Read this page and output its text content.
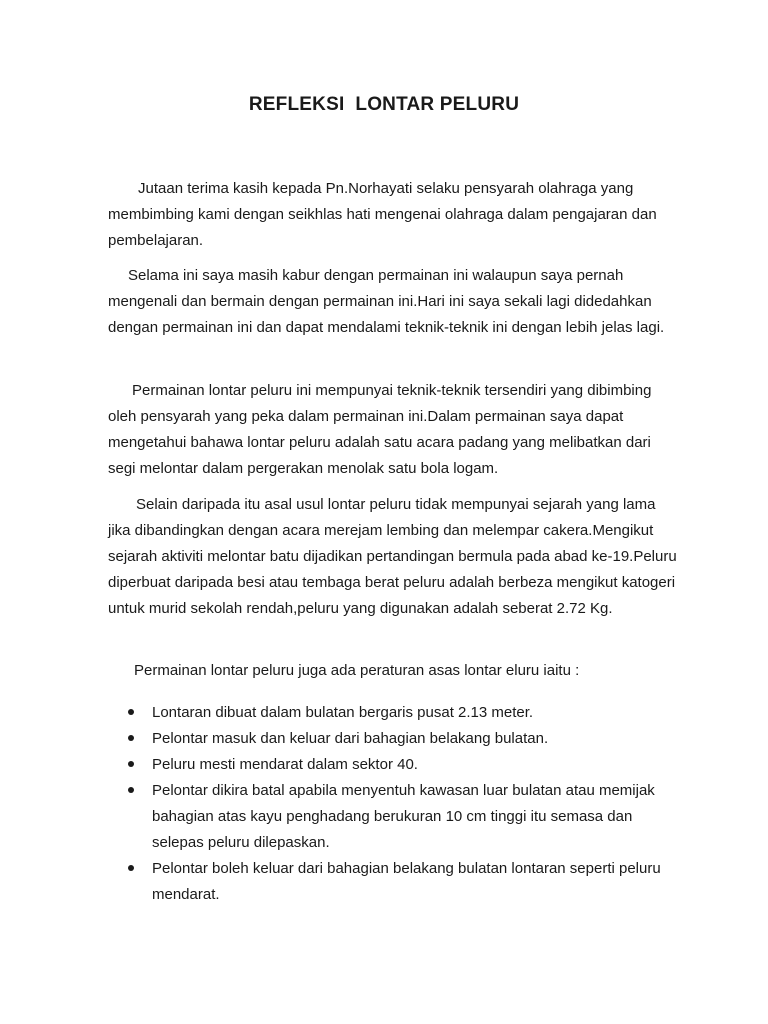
REFLEKSI  LONTAR PELURU

Jutaan terima kasih kepada Pn.Norhayati selaku pensyarah olahraga yang membimbing kami dengan seikhlas hati mengenai olahraga dalam pengajaran dan pembelajaran.

Selama ini saya masih kabur dengan permainan ini walaupun saya pernah mengenali dan bermain dengan permainan ini.Hari ini saya sekali lagi didedahkan dengan permainan ini dan dapat mendalami teknik-teknik ini dengan lebih jelas lagi.

Permainan lontar peluru ini mempunyai teknik-teknik tersendiri yang dibimbing oleh pensyarah yang peka dalam permainan ini.Dalam permainan saya dapat mengetahui bahawa lontar peluru adalah satu acara padang yang melibatkan dari segi melontar dalam pergerakan menolak satu bola logam.

Selain daripada itu asal usul lontar peluru tidak mempunyai sejarah yang lama jika dibandingkan dengan acara merejam lembing dan melempar cakera.Mengikut sejarah aktiviti melontar batu dijadikan pertandingan bermula pada abad ke-19.Peluru diperbuat daripada besi atau tembaga berat peluru adalah berbeza mengikut katogeri untuk murid sekolah rendah,peluru yang digunakan adalah seberat 2.72 Kg.

Permainan lontar peluru juga ada peraturan asas lontar eluru iaitu :

Lontaran dibuat dalam bulatan bergaris pusat 2.13 meter.
Pelontar masuk dan keluar dari bahagian belakang bulatan.
Peluru mesti mendarat dalam sektor 40.
Pelontar dikira batal apabila menyentuh kawasan luar bulatan atau memijak bahagian atas kayu penghadang berukuran 10 cm tinggi itu semasa dan selepas peluru dilepaskan.
Pelontar boleh keluar dari bahagian belakang bulatan lontaran seperti peluru mendarat.
